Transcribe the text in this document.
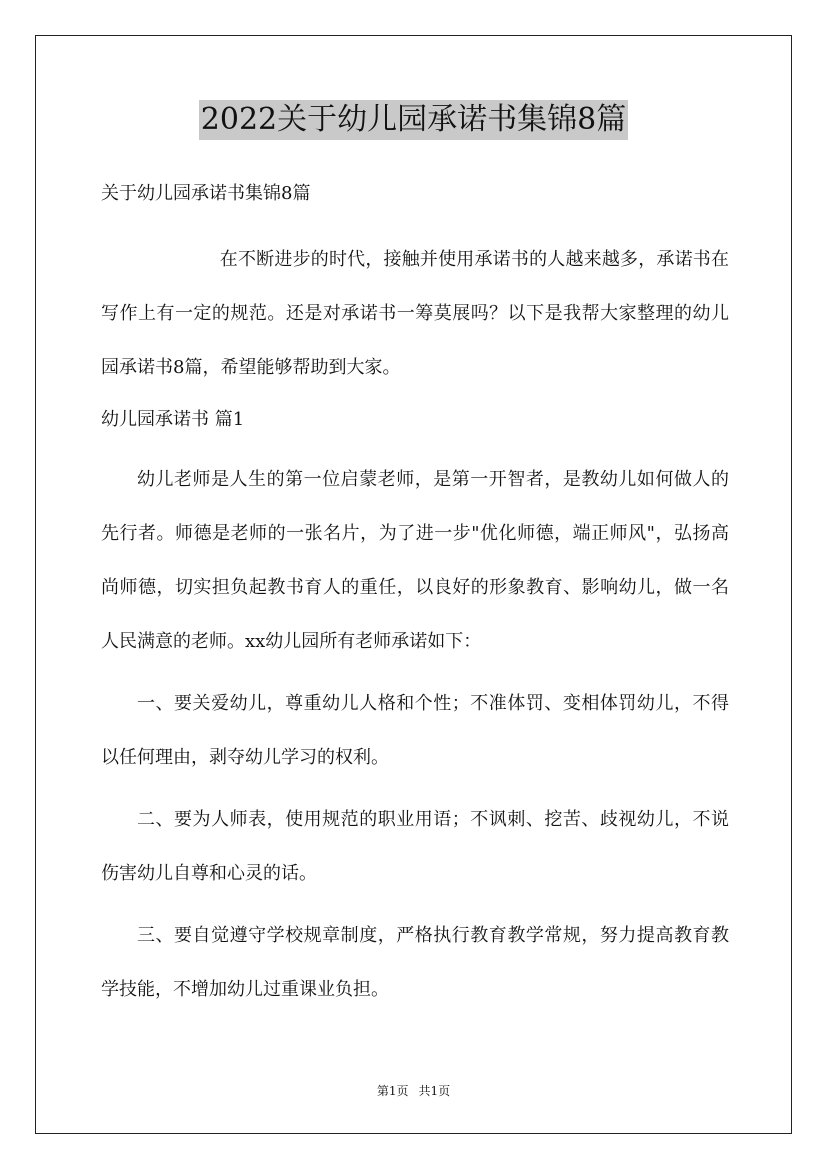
2022关于幼儿园承诺书集锦8篇
关于幼儿园承诺书集锦8篇

在不断进步的时代，接触并使用承诺书的人越来越多，承诺书在写作上有一定的规范。还是对承诺书一筹莫展吗？以下是我帮大家整理的幼儿园承诺书8篇，希望能够帮助到大家。

幼儿园承诺书 篇1

幼儿老师是人生的第一位启蒙老师，是第一开智者，是教幼儿如何做人的先行者。师德是老师的一张名片，为了进一步"优化师德，端正师风"，弘扬高尚师德，切实担负起教书育人的重任，以良好的形象教育、影响幼儿，做一名人民满意的老师。xx幼儿园所有老师承诺如下：

一、要关爱幼儿，尊重幼儿人格和个性；不准体罚、变相体罚幼儿，不得以任何理由，剥夺幼儿学习的权利。

二、要为人师表，使用规范的职业用语；不讽刺、挖苦、歧视幼儿，不说伤害幼儿自尊和心灵的话。

三、要自觉遵守学校规章制度，严格执行教育教学常规，努力提高教育教学技能，不增加幼儿过重课业负担。

第1页 共1页
